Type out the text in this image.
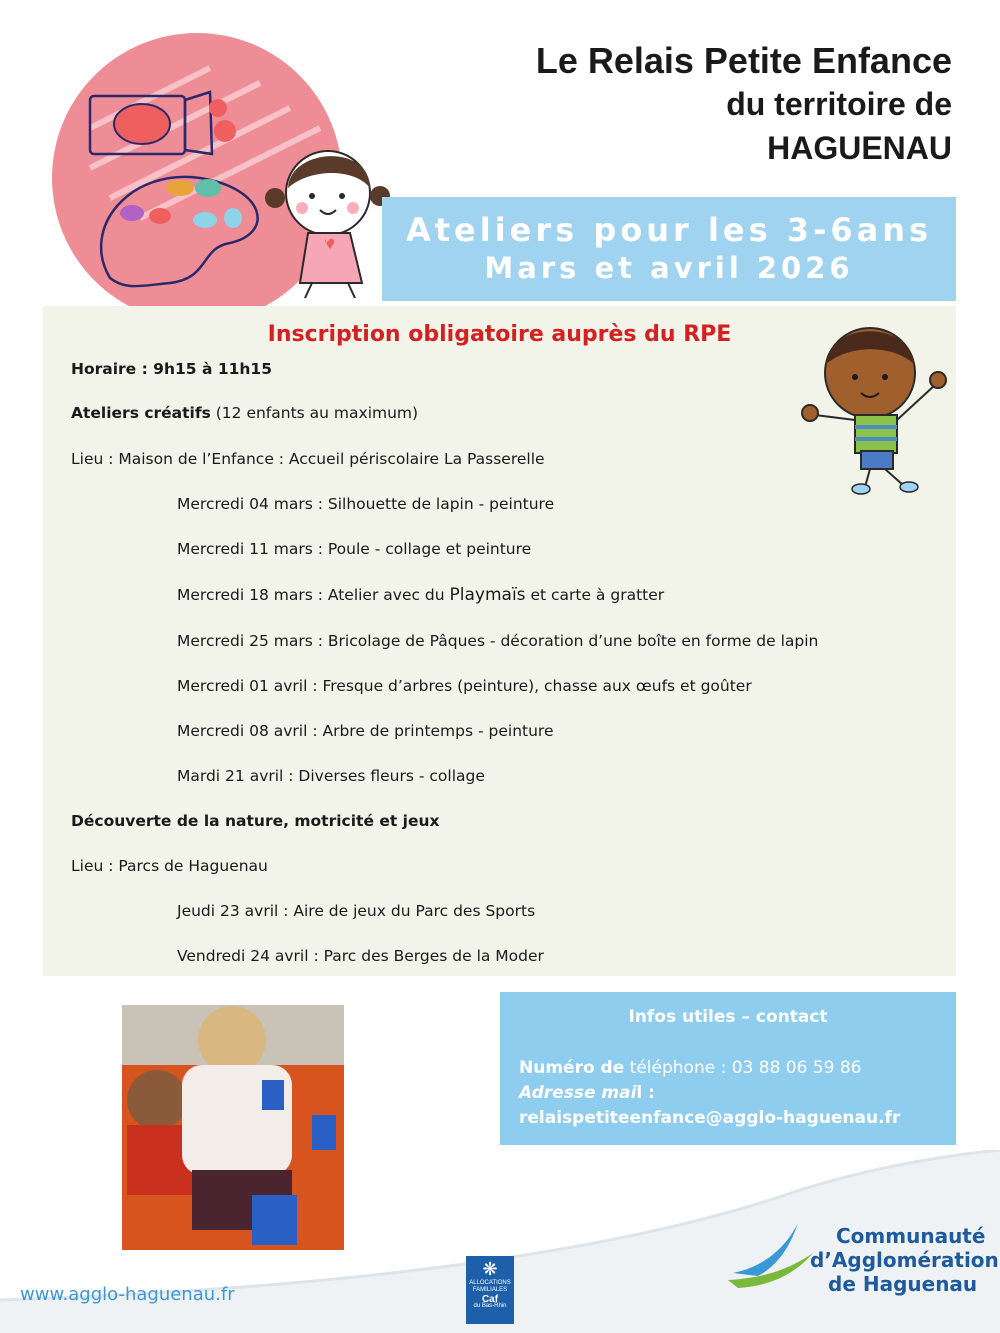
Le Relais Petite Enfance
du territoire de
HAGUENAU
Ateliers pour les 3-6ans
Mars et avril 2026
Inscription obligatoire auprès du RPE
Horaire : 9h15 à 11h15
Ateliers créatifs (12 enfants au maximum)
Lieu : Maison de l’Enfance : Accueil périscolaire La Passerelle
Mercredi 04 mars : Silhouette de lapin - peinture
Mercredi 11 mars : Poule - collage et peinture
Mercredi 18 mars : Atelier avec du Playmaïs et carte à gratter
Mercredi 25 mars : Bricolage de Pâques - décoration d’une boîte en forme de lapin
Mercredi 01 avril : Fresque d’arbres (peinture), chasse aux œufs et goûter
Mercredi 08 avril : Arbre de printemps - peinture
Mardi 21 avril : Diverses fleurs - collage
Découverte de la nature, motricité et jeux
Lieu : Parcs de Haguenau
Jeudi 23 avril : Aire de jeux du Parc des Sports
Vendredi 24 avril : Parc des Berges de la Moder
Infos utiles – contact
Numéro de téléphone : 03 88 06 59 86
Adresse mail :
relaispetiteenfance@agglo-haguenau.fr
www.agglo-haguenau.fr
❋
ALLOCATIONS
FAMILIALES
Caf
du Bas-Rhin
Communauté
d’Agglomération
de Haguenau
